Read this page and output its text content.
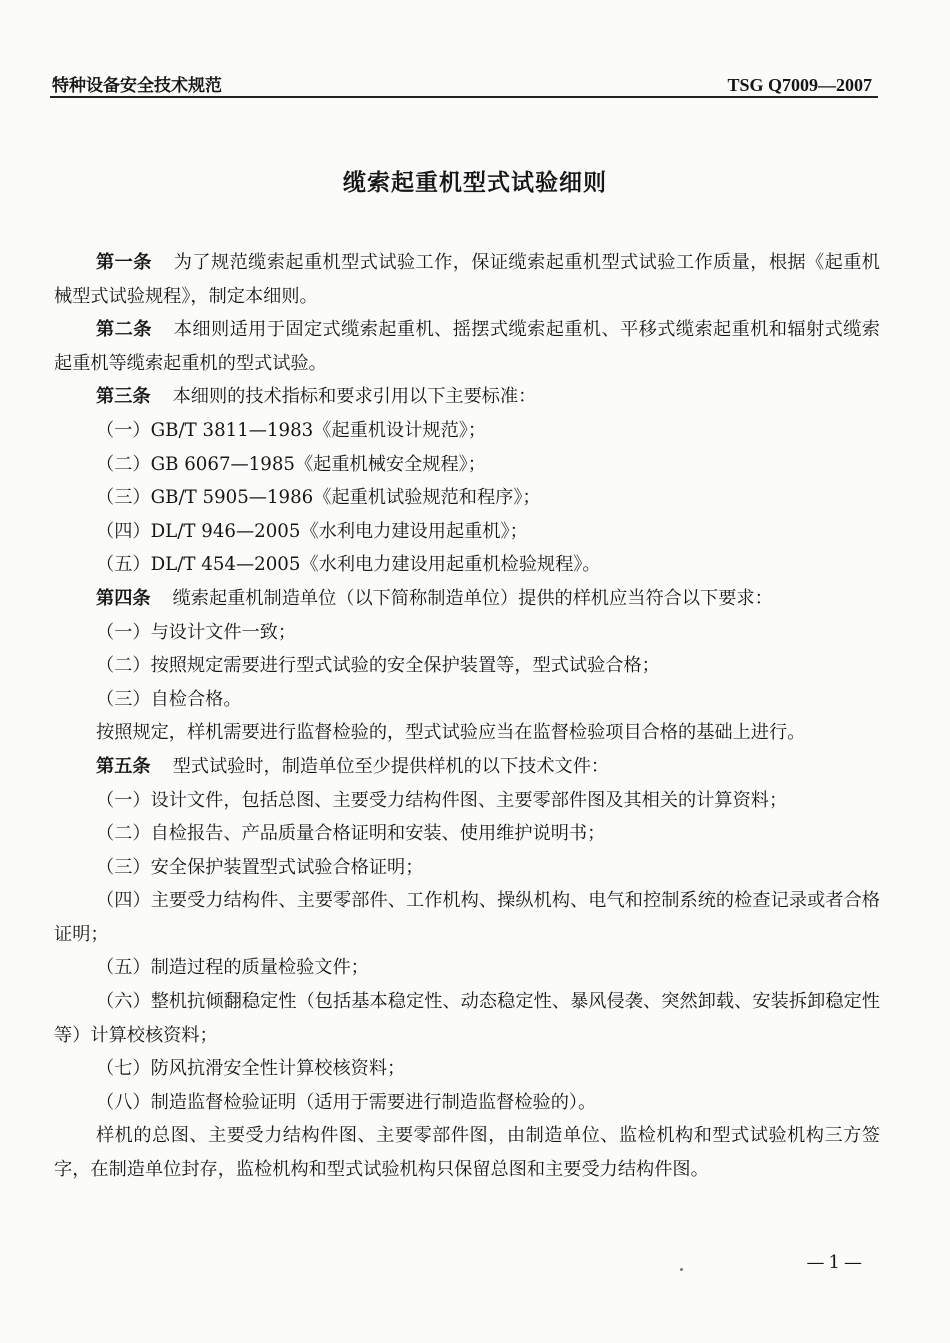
特种设备安全技术规范	TSG Q7009—2007
缆索起重机型式试验细则

第一条 为了规范缆索起重机型式试验工作，保证缆索起重机型式试验工作质量，根据《起重机械型式试验规程》，制定本细则。

第二条 本细则适用于固定式缆索起重机、摇摆式缆索起重机、平移式缆索起重机和辐射式缆索起重机等缆索起重机的型式试验。

第三条 本细则的技术指标和要求引用以下主要标准：

（一）GB/T 3811—1983《起重机设计规范》；

（二）GB 6067—1985《起重机械安全规程》；

（三）GB/T 5905—1986《起重机试验规范和程序》；

（四）DL/T 946—2005《水利电力建设用起重机》；

（五）DL/T 454—2005《水利电力建设用起重机检验规程》。

第四条 缆索起重机制造单位（以下简称制造单位）提供的样机应当符合以下要求：

（一）与设计文件一致；

（二）按照规定需要进行型式试验的安全保护装置等，型式试验合格；

（三）自检合格。

按照规定，样机需要进行监督检验的，型式试验应当在监督检验项目合格的基础上进行。

第五条 型式试验时，制造单位至少提供样机的以下技术文件：

（一）设计文件，包括总图、主要受力结构件图、主要零部件图及其相关的计算资料；

（二）自检报告、产品质量合格证明和安装、使用维护说明书；

（三）安全保护装置型式试验合格证明；

（四）主要受力结构件、主要零部件、工作机构、操纵机构、电气和控制系统的检查记录或者合格证明；

（五）制造过程的质量检验文件；

（六）整机抗倾翻稳定性（包括基本稳定性、动态稳定性、暴风侵袭、突然卸载、安装拆卸稳定性等）计算校核资料；

（七）防风抗滑安全性计算校核资料；

（八）制造监督检验证明（适用于需要进行制造监督检验的）。

样机的总图、主要受力结构件图、主要零部件图，由制造单位、监检机构和型式试验机构三方签字，在制造单位封存，监检机构和型式试验机构只保留总图和主要受力结构件图。

—1—
